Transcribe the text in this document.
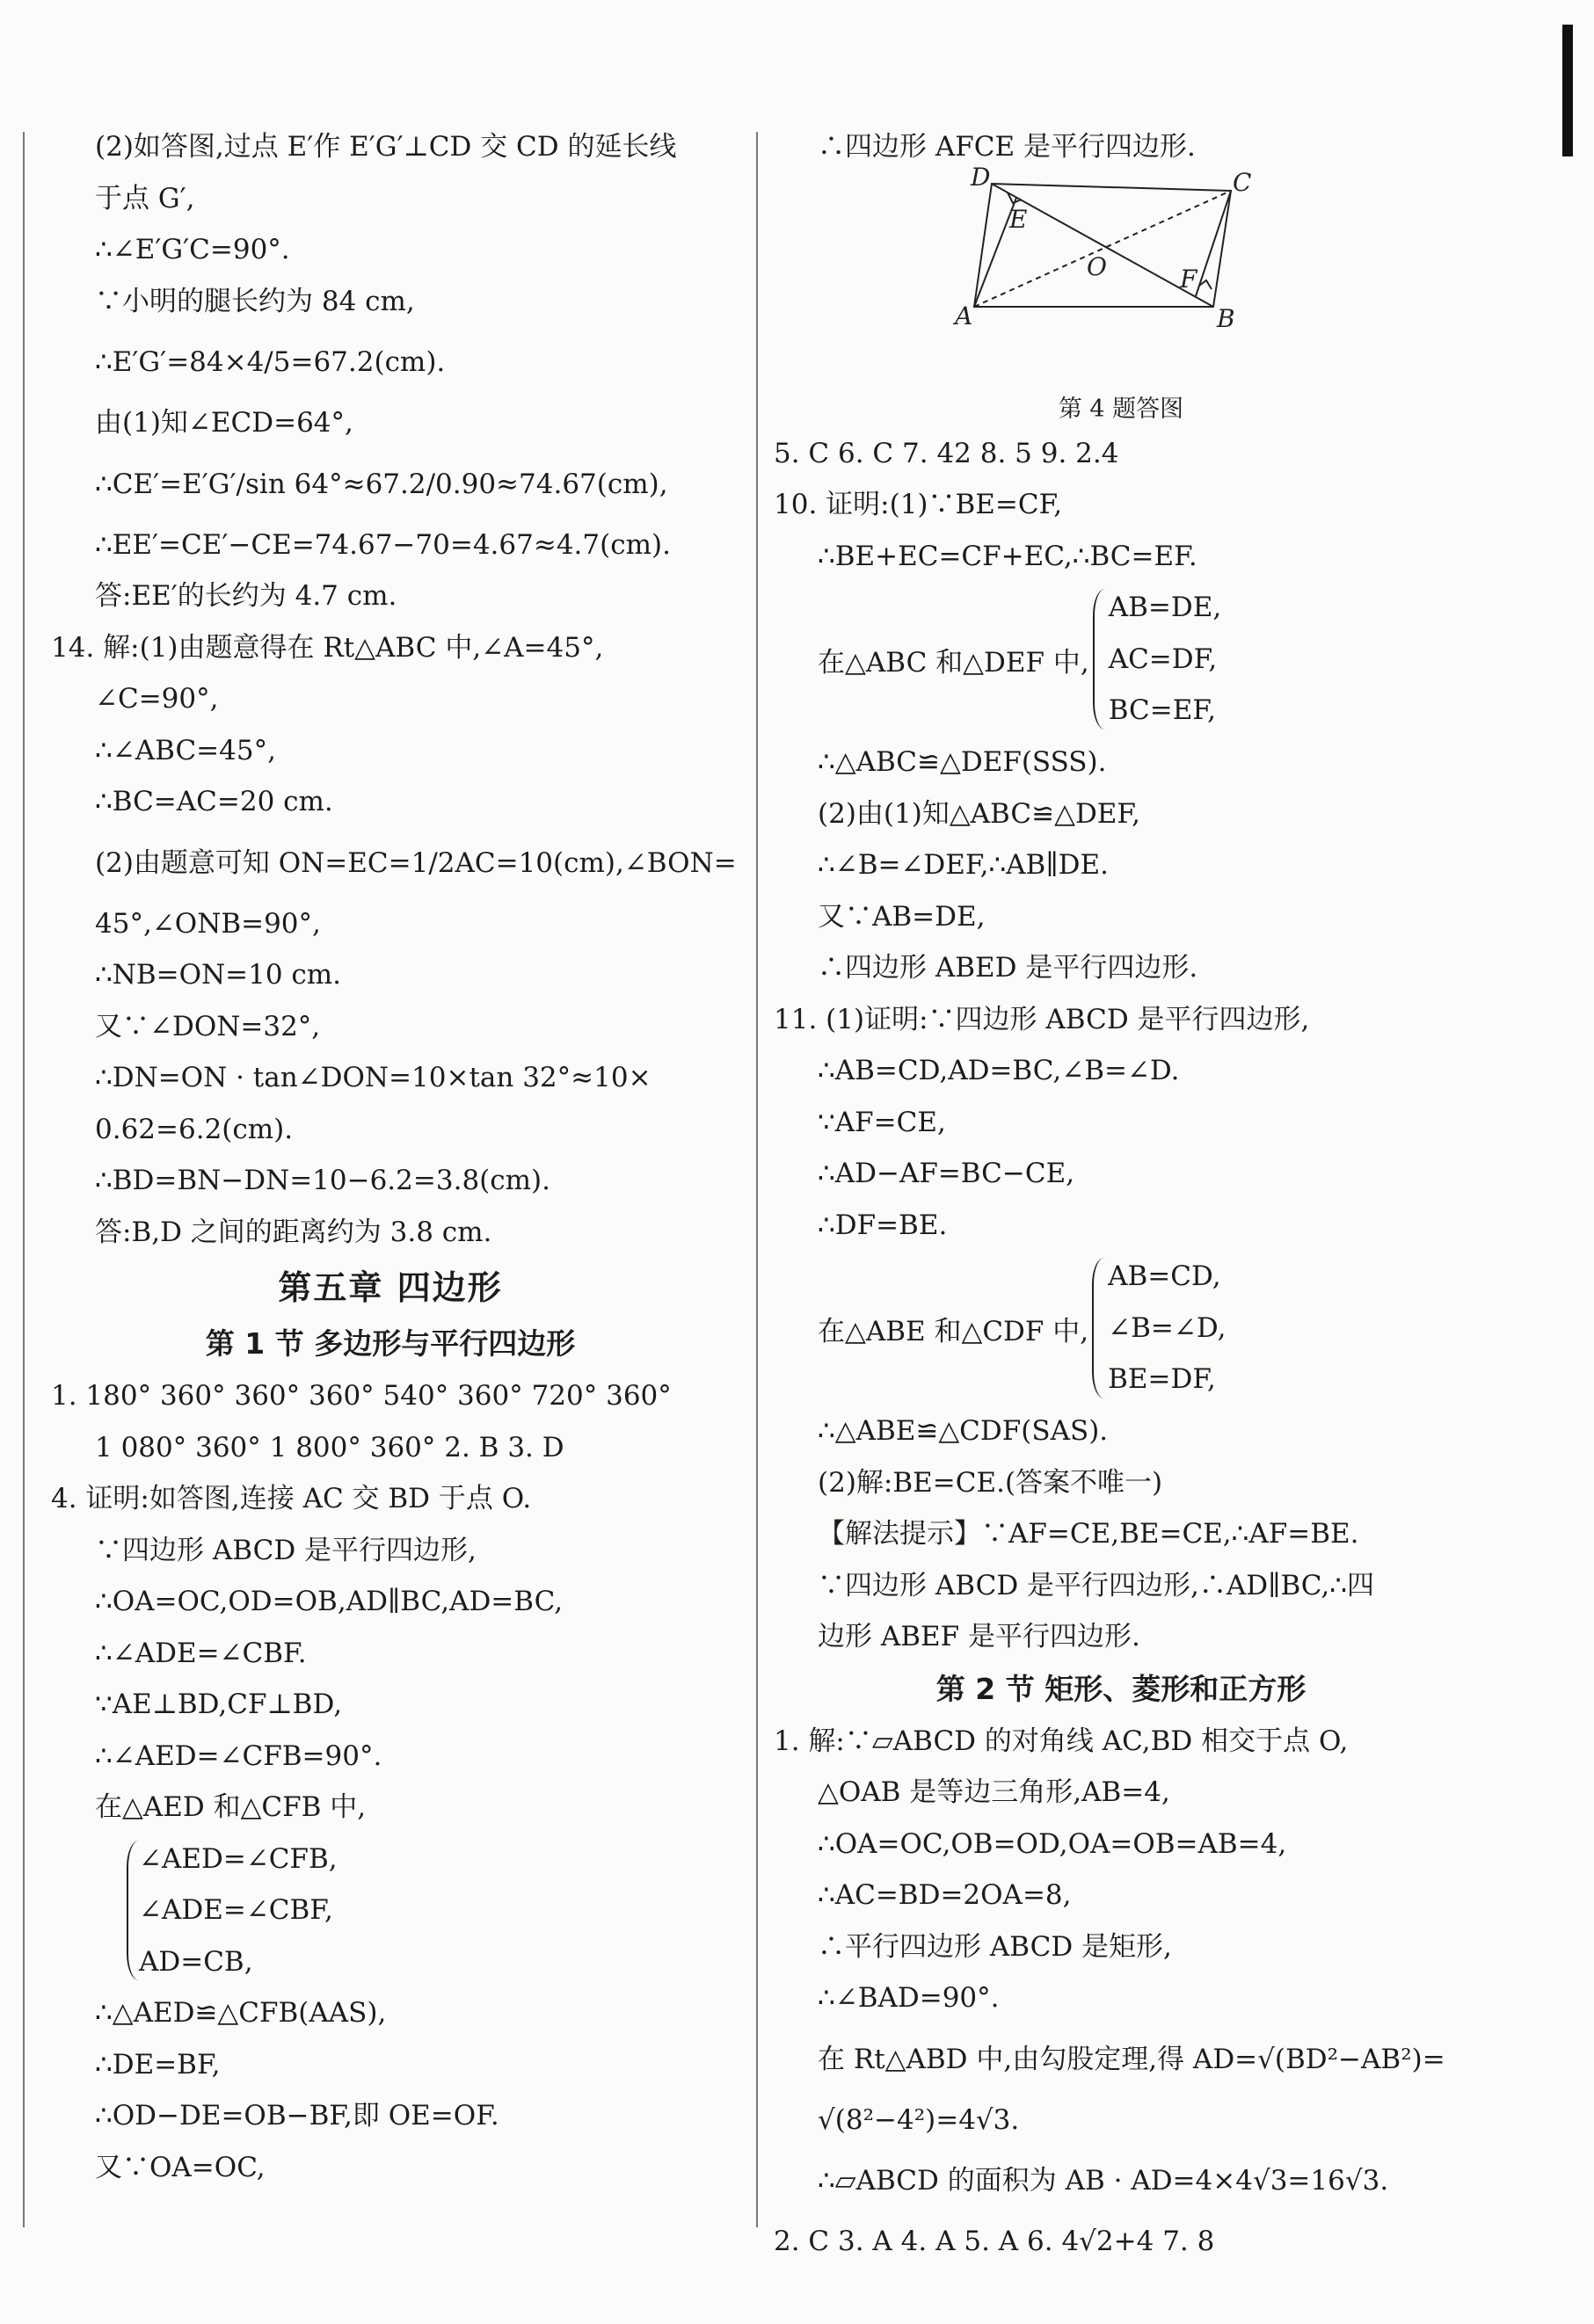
(2)如答图,过点 E′作 E′G′⊥CD 交 CD 的延长线
于点 G′,
∴∠E′G′C=90°.
∵小明的腿长约为 84 cm,
∴E′G′=84×4/5=67.2(cm).
由(1)知∠ECD=64°,
∴CE′=E′G′/sin 64°≈67.2/0.90≈74.67(cm),
∴EE′=CE′−CE=74.67−70=4.67≈4.7(cm).
答:EE′的长约为 4.7 cm.
14. 解:(1)由题意得在 Rt△ABC 中,∠A=45°,
∠C=90°,
∴∠ABC=45°,
∴BC=AC=20 cm.
(2)由题意可知 ON=EC=1/2AC=10(cm),∠BON=
45°,∠ONB=90°,
∴NB=ON=10 cm.
又∵∠DON=32°,
∴DN=ON · tan∠DON=10×tan 32°≈10×
0.62=6.2(cm).
∴BD=BN−DN=10−6.2=3.8(cm).
答:B,D 之间的距离约为 3.8 cm.
第五章 四边形
第 1 节 多边形与平行四边形
1. 180° 360° 360° 360° 540° 360° 720° 360°
1 080° 360° 1 800° 360° 2. B 3. D
4. 证明:如答图,连接 AC 交 BD 于点 O.
∵四边形 ABCD 是平行四边形,
∴OA=OC,OD=OB,AD∥BC,AD=BC,
∴∠ADE=∠CBF.
∵AE⊥BD,CF⊥BD,
∴∠AED=∠CFB=90°.
在△AED 和△CFB 中,
∠AED=∠CFB,
∠ADE=∠CBF,
AD=CB,
∴△AED≌△CFB(AAS),
∴DE=BF,
∴OD−DE=OB−BF,即 OE=OF.
又∵OA=OC,
∴四边形 AFCE 是平行四边形.
A	B
C
D
E
F
O
第 4 题答图
5. C 6. C 7. 42 8. 5 9. 2.4
10. 证明:(1)∵BE=CF,
∴BE+EC=CF+EC,∴BC=EF.
在△ABC 和△DEF 中,
AB=DE,
AC=DF,
BC=EF,
∴△ABC≌△DEF(SSS).
(2)由(1)知△ABC≌△DEF,
∴∠B=∠DEF,∴AB∥DE.
又∵AB=DE,
∴四边形 ABED 是平行四边形.
11. (1)证明:∵四边形 ABCD 是平行四边形,
∴AB=CD,AD=BC,∠B=∠D.
∵AF=CE,
∴AD−AF=BC−CE,
∴DF=BE.
在△ABE 和△CDF 中,
AB=CD,
∠B=∠D,
BE=DF,
∴△ABE≌△CDF(SAS).
(2)解:BE=CE.(答案不唯一)
【解法提示】∵AF=CE,BE=CE,∴AF=BE.
∵四边形 ABCD 是平行四边形,∴AD∥BC,∴四
边形 ABEF 是平行四边形.
第 2 节 矩形、菱形和正方形
1. 解:∵▱ABCD 的对角线 AC,BD 相交于点 O,
△OAB 是等边三角形,AB=4,
∴OA=OC,OB=OD,OA=OB=AB=4,
∴AC=BD=2OA=8,
∴平行四边形 ABCD 是矩形,
∴∠BAD=90°.
在 Rt△ABD 中,由勾股定理,得 AD=√(BD²−AB²)=
√(8²−4²)=4√3.
∴▱ABCD 的面积为 AB · AD=4×4√3=16√3.
2. C 3. A 4. A 5. A 6. 4√2+4 7. 8
